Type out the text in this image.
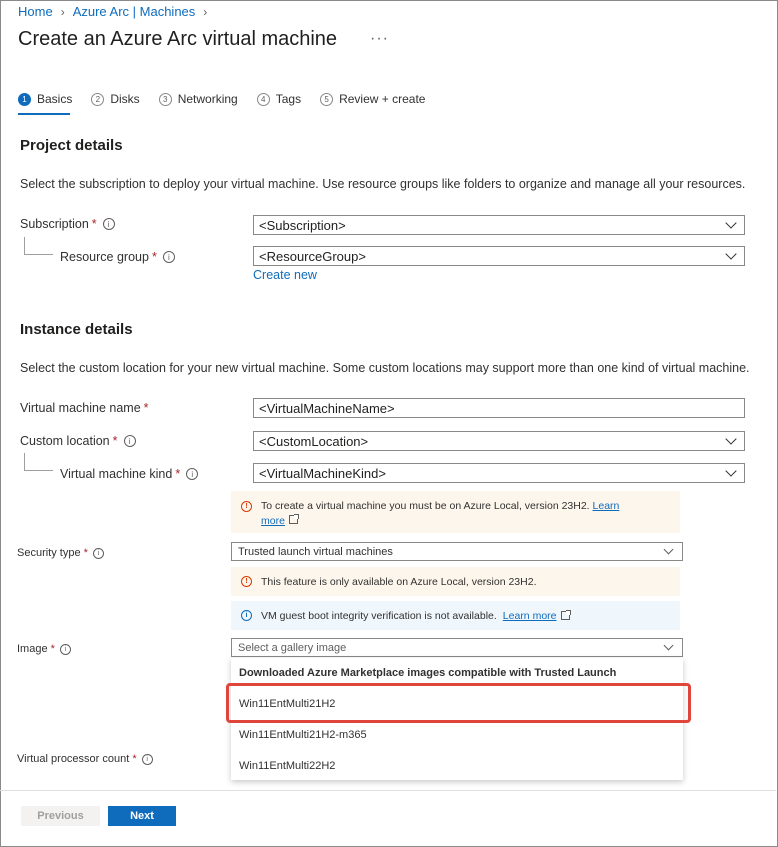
Home › Azure Arc | Machines ›
Create an Azure Arc virtual machine ···
1 Basics	2 Disks	3 Networking	4 Tags	5 Review + create
Project details
Select the subscription to deploy your virtual machine. Use resource groups like folders to organize and manage all your resources.
Subscription *	i	<Subscription>
Resource group *	i	<ResourceGroup>
Create new
Instance details
Select the custom location for your new virtual machine. Some custom locations may support more than one kind of virtual machine.
Virtual machine name *	<VirtualMachineName>
Custom location *	i	<CustomLocation>
Virtual machine kind *	i	<VirtualMachineKind>
!	To create a virtual machine you must be on Azure Local, version 23H2. Learn
more
Security type *	i	Trusted launch virtual machines
!	This feature is only available on Azure Local, version 23H2.
i	VM guest boot integrity verification is not available. Learn more
Image *	i	Select a gallery image
Downloaded Azure Marketplace images compatible with Trusted Launch
Win11EntMulti21H2
Win11EntMulti21H2-m365
Win11EntMulti22H2
Virtual processor count *	i
Previous	Next
